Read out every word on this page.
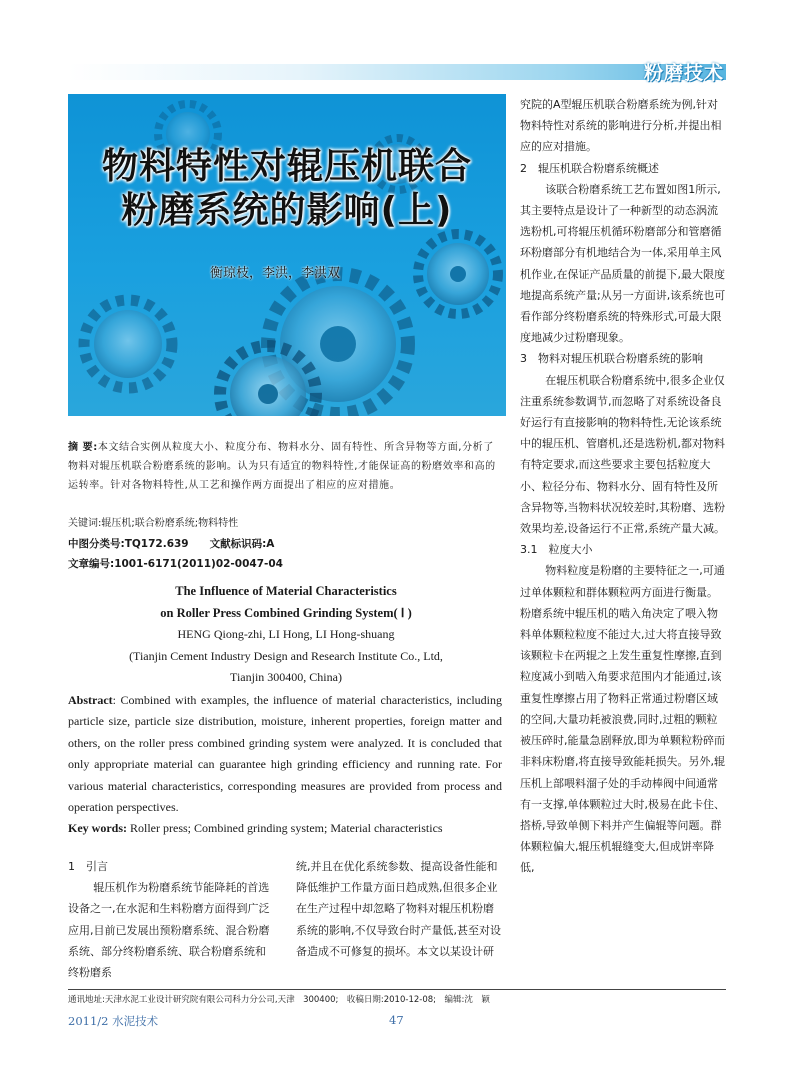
粉磨技术
物料特性对辊压机联合
粉磨系统的影响(上)
衡琼枝，李洪，李洪双

究院的A型辊压机联合粉磨系统为例,针对物料特性对系统的影响进行分析,并提出相应的应对措施。

2　辊压机联合粉磨系统概述

该联合粉磨系统工艺布置如图1所示,其主要特点是设计了一种新型的动态涡流选粉机,可将辊压机循环粉磨部分和管磨循环粉磨部分有机地结合为一体,采用单主风机作业,在保证产品质量的前提下,最大限度地提高系统产量;从另一方面讲,该系统也可看作部分终粉磨系统的特殊形式,可最大限度地减少过粉磨现象。

3　物料对辊压机联合粉磨系统的影响

在辊压机联合粉磨系统中,很多企业仅注重系统参数调节,而忽略了对系统设备良好运行有直接影响的物料特性,无论该系统中的辊压机、管磨机,还是选粉机,都对物料有特定要求,而这些要求主要包括粒度大小、粒径分布、物料水分、固有特性及所含异物等,当物料状况较差时,其粉磨、选粉效果均差,设备运行不正常,系统产量大减。

3.1　粒度大小

物料粒度是粉磨的主要特征之一,可通过单体颗粒和群体颗粒两方面进行衡量。粉磨系统中辊压机的啮入角决定了喂入物料单体颗粒粒度不能过大,过大将直接导致该颗粒卡在两辊之上发生重复性摩擦,直到粒度减小到啮入角要求范围内才能通过,该重复性摩擦占用了物料正常通过粉磨区域的空间,大量功耗被浪费,同时,过粗的颗粒被压碎时,能量急剧释放,即为单颗粒粉碎而非料床粉磨,将直接导致能耗损失。另外,辊压机上部喂料溜子处的手动棒阀中间通常有一支撑,单体颗粒过大时,极易在此卡住、搭桥,导致单侧下料并产生偏辊等问题。群体颗粒偏大,辊压机辊缝变大,但成饼率降低,

摘 要:本文结合实例从粒度大小、粒度分布、物料水分、固有特性、所含异物等方面,分析了物料对辊压机联合粉磨系统的影响。认为只有适宜的物料特性,才能保证高的粉磨效率和高的运转率。针对各物料特性,从工艺和操作两方面提出了相应的应对措施。
关键词:辊压机;联合粉磨系统;物料特性
中图分类号:TQ172.639　　文献标识码:A
文章编号:1001-6171(2011)02-0047-04
The Influence of Material Characteristics
on Roller Press Combined Grinding System( Ⅰ )
HENG Qiong-zhi, LI Hong, LI Hong-shuang
(Tianjin Cement Industry Design and Research Institute Co., Ltd,
Tianjin 300400, China)
Abstract: Combined with examples, the influence of material characteristics, including particle size, particle size distribution, moisture, inherent properties, foreign matter and others, on the roller press combined grinding system were analyzed. It is concluded that only appropriate material can guarantee high grinding efficiency and running rate. For various material characteristics, corresponding measures are provided from process and operation perspectives.
Key words: Roller press; Combined grinding system; Material characteristics

1　引言

辊压机作为粉磨系统节能降耗的首选设备之一,在水泥和生料粉磨方面得到广泛应用,目前已发展出预粉磨系统、混合粉磨系统、部分终粉磨系统、联合粉磨系统和终粉磨系

统,并且在优化系统参数、提高设备性能和降低维护工作量方面日趋成熟,但很多企业在生产过程中却忽略了物料对辊压机粉磨系统的影响,不仅导致台时产量低,甚至对设备造成不可修复的损坏。本文以某设计研

通讯地址:天津水泥工业设计研究院有限公司科力分公司,天津　300400;　收稿日期:2010-12-08;　编辑:沈　颖
2011/2 水泥技术	47
